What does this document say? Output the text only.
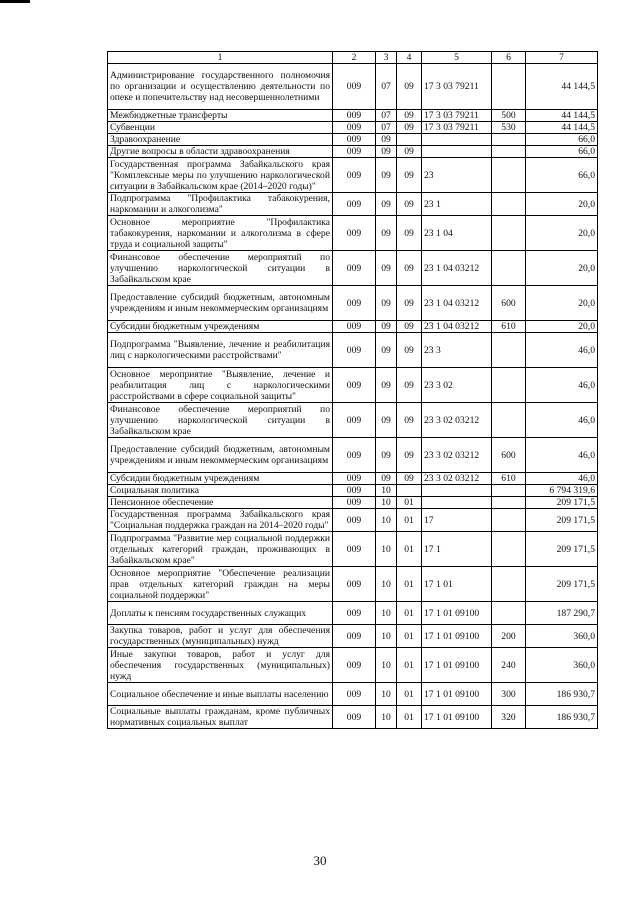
1	2	3	4	5	6	7
Администрирование государственного полномочия по организации и осуществлению деятельности по опеке и попечительству над несовершеннолетними	009	07	09	17 3 03 79211		44 144,5
Межбюджетные трансферты	009	07	09	17 3 03 79211	500	44 144,5
Субвенции	009	07	09	17 3 03 79211	530	44 144,5
Здравоохранение	009	09				66,0
Другие вопросы в области здравоохранения	009	09	09			66,0
Государственная программа Забайкальского края "Комплексные меры по улучшению наркологической ситуации в Забайкальском крае (2014–2020 годы)"	009	09	09	23		66,0
Подпрограмма "Профилактика табакокурения, наркомании и алкоголизма"	009	09	09	23 1		20,0
Основное мероприятие "Профилактика табакокурения, наркомании и алкоголизма в сфере труда и социальной защиты"	009	09	09	23 1 04		20,0
Финансовое обеспечение мероприятий по улучшению наркологической ситуации в Забайкальском крае	009	09	09	23 1 04 03212		20,0
Предоставление субсидий бюджетным, автономным учреждениям и иным некоммерческим организациям	009	09	09	23 1 04 03212	600	20,0
Субсидии бюджетным учреждениям	009	09	09	23 1 04 03212	610	20,0
Подпрограмма "Выявление, лечение и реабилитация лиц с наркологическими расстройствами"	009	09	09	23 3		46,0
Основное мероприятие "Выявление, лечение и реабилитация лиц с наркологическими расстройствами в сфере социальной защиты"	009	09	09	23 3 02		46,0
Финансовое обеспечение мероприятий по улучшению наркологической ситуации в Забайкальском крае	009	09	09	23 3 02 03212		46,0
Предоставление субсидий бюджетным, автономным учреждениям и иным некоммерческим организациям	009	09	09	23 3 02 03212	600	46,0
Субсидии бюджетным учреждениям	009	09	09	23 3 02 03212	610	46,0
Социальная политика	009	10				6 794 319,6
Пенсионное обеспечение	009	10	01			209 171,5
Государственная программа Забайкальского края "Социальная поддержка граждан на 2014–2020 годы"	009	10	01	17		209 171,5
Подпрограмма "Развитие мер социальной поддержки отдельных категорий граждан, проживающих в Забайкальском крае"	009	10	01	17 1		209 171,5
Основное мероприятие "Обеспечение реализации прав отдельных категорий граждан на меры социальной поддержки"	009	10	01	17 1 01		209 171,5
Доплаты к пенсиям государственных служащих	009	10	01	17 1 01 09100		187 290,7
Закупка товаров, работ и услуг для обеспечения государственных (муниципальных) нужд	009	10	01	17 1 01 09100	200	360,0
Иные закупки товаров, работ и услуг для обеспечения государственных (муниципальных) нужд	009	10	01	17 1 01 09100	240	360,0
Социальное обеспечение и иные выплаты населению	009	10	01	17 1 01 09100	300	186 930,7
Социальные выплаты гражданам, кроме публичных нормативных социальных выплат	009	10	01	17 1 01 09100	320	186 930,7
30
